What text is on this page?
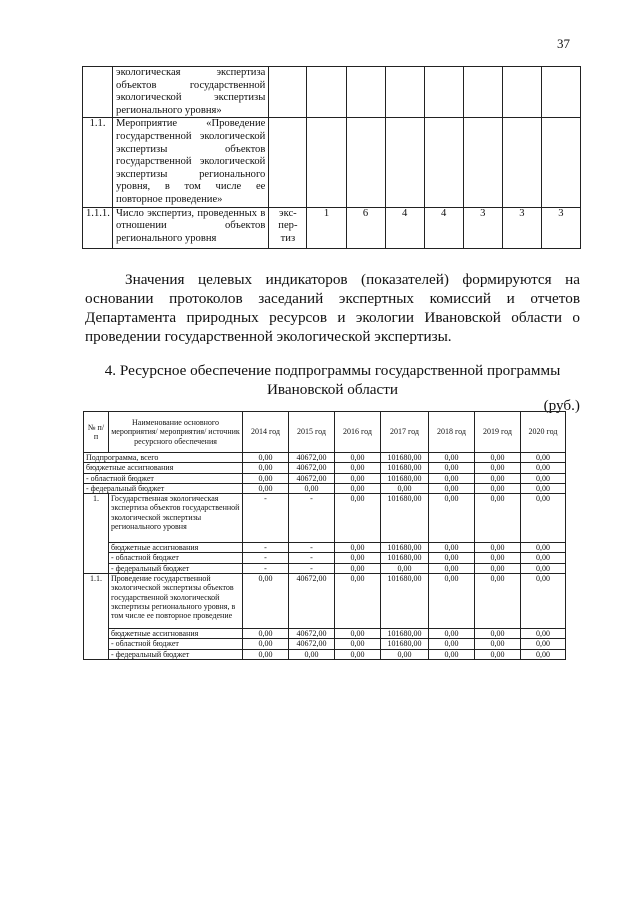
37
	экологическая экспертиза объектов государственной экологической экспертизы регионального уровня»								
1.1.	Мероприятие «Проведение государственной экологической экспертизы объектов государственной экологической экспертизы регионального уровня, в том числе ее повторное проведение»								
1.1.1.	Число экспертиз, проведенных в отношении объектов регионального уровня	экс-пер-тиз	1	6	4	4	3	3	3

Значения целевых индикаторов (показателей) формируются на основании протоколов заседаний экспертных комиссий и отчетов Департамента природных ресурсов и экологии Ивановской области о проведении государственной экологической экспертизы.

4. Ресурсное обеспечение подпрограммы государственной программы Ивановской области

(руб.)
№ п/п	Наименование основного мероприятия/ мероприятия/ источник ресурсного обеспечения	2014 год	2015 год	2016 год	2017 год	2018 год	2019 год	2020 год
Подпрограмма, всего		0,00	40672,00	0,00	101680,00	0,00	0,00	0,00
бюджетные ассигнования		0,00	40672,00	0,00	101680,00	0,00	0,00	0,00
- областной бюджет		0,00	40672,00	0,00	101680,00	0,00	0,00	0,00
- федеральный бюджет		0,00	0,00	0,00	0,00	0,00	0,00	0,00
1.	Государственная экологическая экспертиза объектов государственной экологической экспертизы регионального уровня	-	-	0,00	101680,00	0,00	0,00	0,00
	бюджетные ассигнования	-	-	0,00	101680,00	0,00	0,00	0,00
	- областной бюджет	-	-	0,00	101680,00	0,00	0,00	0,00
	- федеральный бюджет	-	-	0,00	0,00	0,00	0,00	0,00
1.1.	Проведение государственной экологической экспертизы объектов государственной экологической экспертизы регионального уровня, в том числе ее повторное проведение	0,00	40672,00	0,00	101680,00	0,00	0,00	0,00
	бюджетные ассигнования	0,00	40672,00	0,00	101680,00	0,00	0,00	0,00
	- областной бюджет	0,00	40672,00	0,00	101680,00	0,00	0,00	0,00
	- федеральный бюджет	0,00	0,00	0,00	0,00	0,00	0,00	0,00
